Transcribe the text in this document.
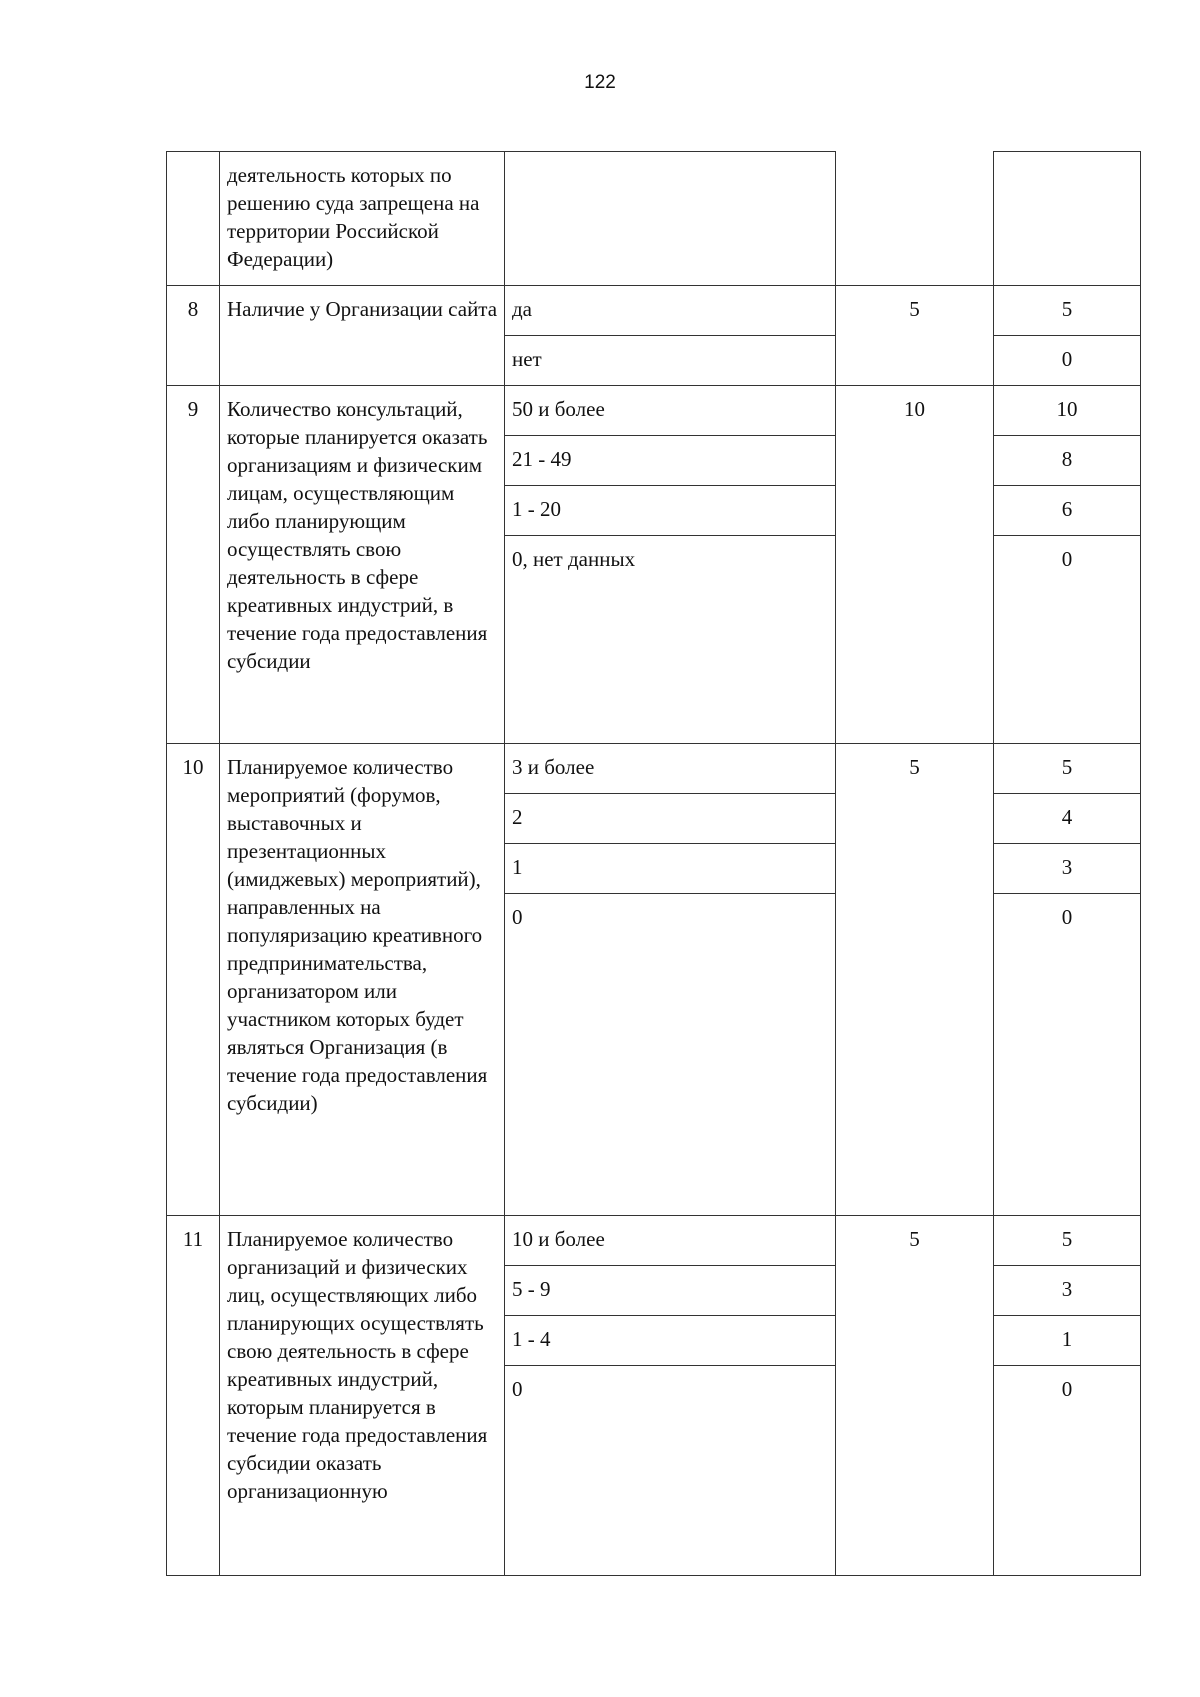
122
	деятельность которых по решению суда запрещена на территории Российской Федерации)			
8	Наличие у Организации сайта	да	5	5
		нет		0
9	Количество консультаций, которые планируется оказать организациям и физическим лицам, осуществляющим либо планирующим осуществлять свою деятельность в сфере креативных индустрий, в течение года предоставления субсидии	50 и более	10	10
		21 - 49		8
		1 - 20		6
		0, нет данных		0
10	Планируемое количество мероприятий (форумов, выставочных и презентационных (имиджевых) мероприятий), направленных на популяризацию креативного предпринимательства, организатором или участником которых будет являться Организация (в течение года предоставления субсидии)	3 и более	5	5
		2		4
		1		3
		0		0
11	Планируемое количество организаций и физических лиц, осуществляющих либо планирующих осуществлять свою деятельность в сфере креативных индустрий, которым планируется в течение года предоставления субсидии оказать организационную	10 и более	5	5
		5 - 9		3
		1 - 4		1
		0		0
